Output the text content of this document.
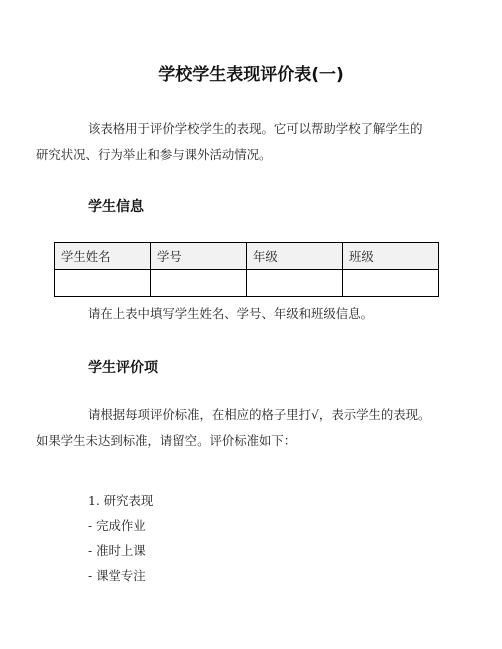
学校学生表现评价表(一)
该表格用于评价学校学生的表现。它可以帮助学校了解学生的
研究状况、行为举止和参与课外活动情况。
学生信息
学生姓名	学号	年级	班级

请在上表中填写学生姓名、学号、年级和班级信息。
学生评价项
请根据每项评价标准，在相应的格子里打√，表示学生的表现。
如果学生未达到标准，请留空。评价标准如下：
1. 研究表现
- 完成作业
- 准时上课
- 课堂专注
